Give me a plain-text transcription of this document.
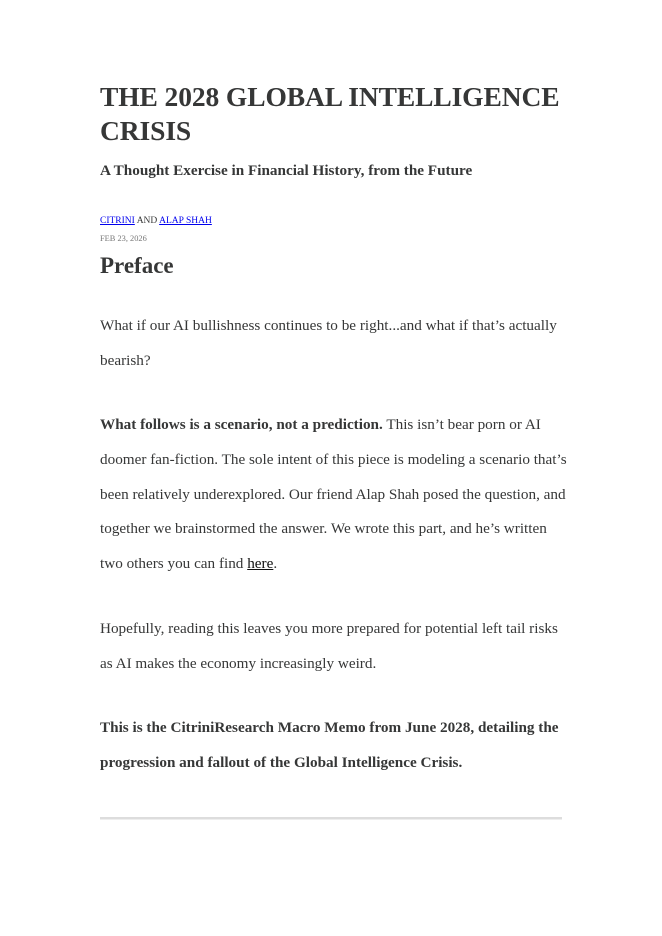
THE 2028 GLOBAL INTELLIGENCE CRISIS
A Thought Exercise in Financial History, from the Future
CITRINI AND ALAP SHAH
FEB 23, 2026
Preface

What if our AI bullishness continues to be right...and what if that’s actually bearish?

What follows is a scenario, not a prediction. This isn’t bear porn or AI doomer fan-fiction. The sole intent of this piece is modeling a scenario that’s been relatively underexplored. Our friend Alap Shah posed the question, and together we brainstormed the answer. We wrote this part, and he’s written two others you can find here.

Hopefully, reading this leaves you more prepared for potential left tail risks as AI makes the economy increasingly weird.

This is the CitriniResearch Macro Memo from June 2028, detailing the progression and fallout of the Global Intelligence Crisis.
